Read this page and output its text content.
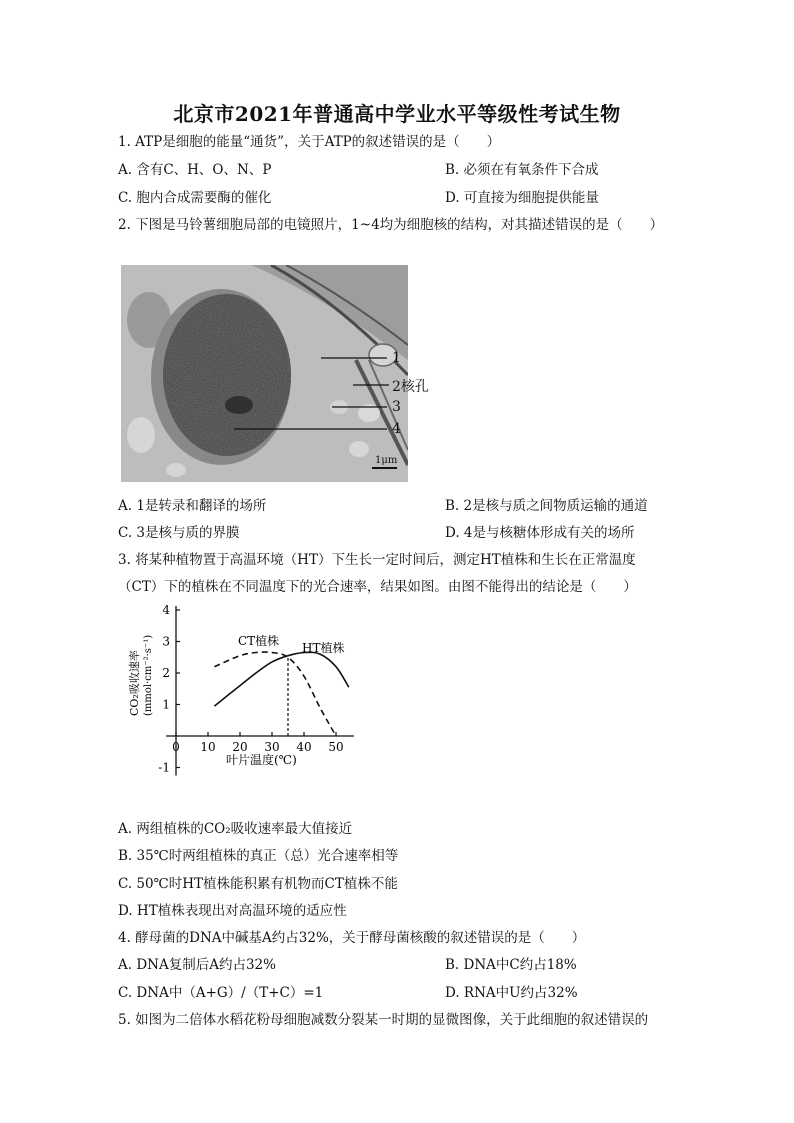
北京市2021年普通高中学业水平等级性考试生物
1. ATP是细胞的能量“通货”，关于ATP的叙述错误的是（　　）
A. 含有C、H、O、N、P	B. 必须在有氧条件下合成
C. 胞内合成需要酶的催化	D. 可直接为细胞提供能量
2. 下图是马铃薯细胞局部的电镜照片，1~4均为细胞核的结构，对其描述错误的是（　　）
1
2核孔
3
4
1μm
A. 1是转录和翻译的场所	B. 2是核与质之间物质运输的通道
C. 3是核与质的界膜	D. 4是与核糖体形成有关的场所
3. 将某种植物置于高温环境（HT）下生长一定时间后，测定HT植株和生长在正常温度
（CT）下的植株在不同温度下的光合速率，结果如图。由图不能得出的结论是（　　）
0 10 20 30 40 50
-1
1
2
3
4
CT植株 HT植株
叶片温度(℃)
CO₂吸收速率 (mmol·cm⁻²·s⁻¹)
A. 两组植株的CO₂吸收速率最大值接近
B. 35℃时两组植株的真正（总）光合速率相等
C. 50℃时HT植株能积累有机物而CT植株不能
D. HT植株表现出对高温环境的适应性
4. 酵母菌的DNA中碱基A约占32%，关于酵母菌核酸的叙述错误的是（　　）
A. DNA复制后A约占32%	B. DNA中C约占18%
C. DNA中（A+G）/（T+C）=1	D. RNA中U约占32%
5. 如图为二倍体水稻花粉母细胞减数分裂某一时期的显微图像，关于此细胞的叙述错误的
